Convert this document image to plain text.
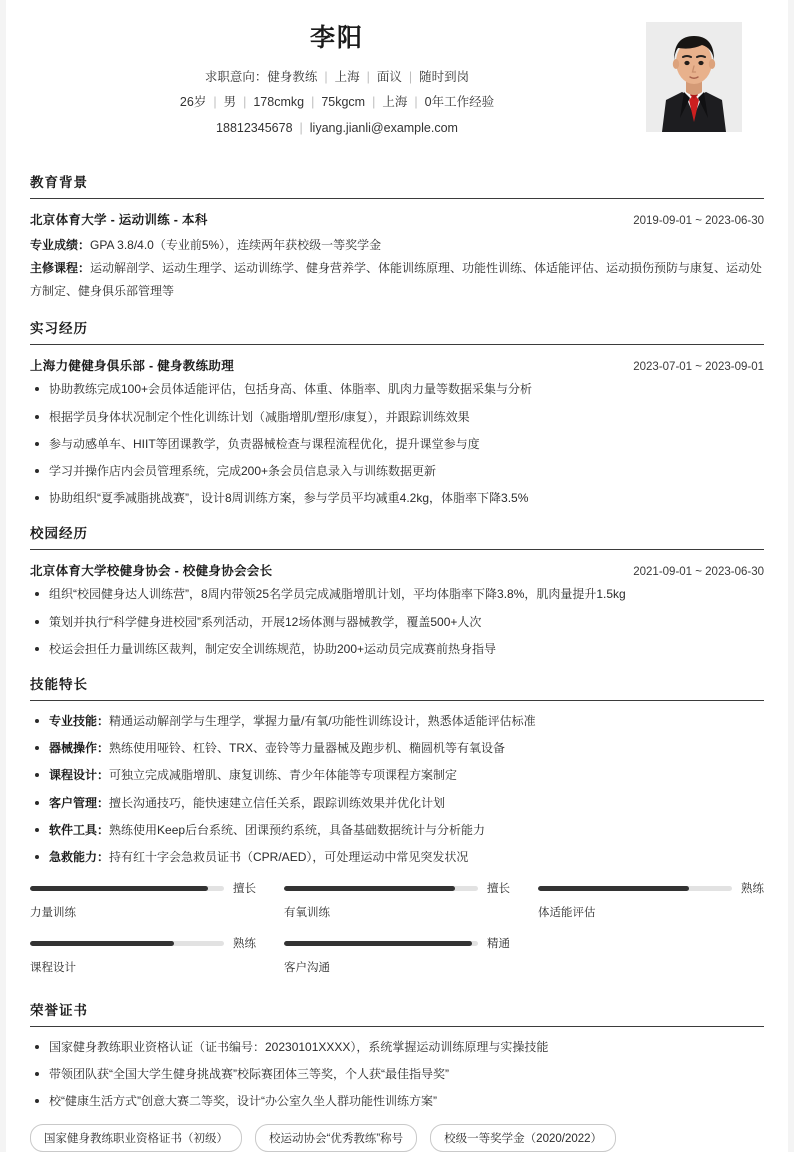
李阳
求职意向：健身教练 | 上海 | 面议 | 随时到岗
26岁 | 男 | 178cmkg | 75kgcm | 上海 | 0年工作经验
18812345678 | liyang.jianli@example.com
教育背景
北京体育大学 - 运动训练 - 本科	2019-09-01 ~ 2023-06-30
专业成绩：GPA 3.8/4.0（专业前5%），连续两年获校级一等奖学金
主修课程：运动解剖学、运动生理学、运动训练学、健身营养学、体能训练原理、功能性训练、体适能评估、运动损伤预防与康复、运动处方制定、健身俱乐部管理等
实习经历
上海力健健身俱乐部 - 健身教练助理	2023-07-01 ~ 2023-09-01
协助教练完成100+会员体适能评估，包括身高、体重、体脂率、肌肉力量等数据采集与分析
根据学员身体状况制定个性化训练计划（减脂增肌/塑形/康复），并跟踪训练效果
参与动感单车、HIIT等团课教学，负责器械检查与课程流程优化，提升课堂参与度
学习并操作店内会员管理系统，完成200+条会员信息录入与训练数据更新
协助组织“夏季减脂挑战赛”，设计8周训练方案，参与学员平均减重4.2kg，体脂率下降3.5%
校园经历
北京体育大学校健身协会 - 校健身协会会长	2021-09-01 ~ 2023-06-30
组织“校园健身达人训练营”，8周内带领25名学员完成减脂增肌计划，平均体脂率下降3.8%，肌肉量提升1.5kg
策划并执行“科学健身进校园”系列活动，开展12场体测与器械教学，覆盖500+人次
校运会担任力量训练区裁判，制定安全训练规范，协助200+运动员完成赛前热身指导
技能特长
专业技能：精通运动解剖学与生理学，掌握力量/有氧/功能性训练设计，熟悉体适能评估标准
器械操作：熟练使用哑铃、杠铃、TRX、壶铃等力量器械及跑步机、椭圆机等有氧设备
课程设计：可独立完成减脂增肌、康复训练、青少年体能等专项课程方案制定
客户管理：擅长沟通技巧，能快速建立信任关系，跟踪训练效果并优化计划
软件工具：熟练使用Keep后台系统、团课预约系统，具备基础数据统计与分析能力
急救能力：持有红十字会急救员证书（CPR/AED），可处理运动中常见突发状况
擅长
力量训练
擅长
有氧训练
熟练
体适能评估
熟练
课程设计
精通
客户沟通
荣誉证书
国家健身教练职业资格认证（证书编号：20230101XXXX），系统掌握运动训练原理与实操技能
带领团队获“全国大学生健身挑战赛”校际赛团体三等奖，个人获“最佳指导奖”
校“健康生活方式”创意大赛二等奖，设计“办公室久坐人群功能性训练方案”
国家健身教练职业资格证书（初级）	校运动协会“优秀教练”称号	校级一等奖学金（2020/2022）
